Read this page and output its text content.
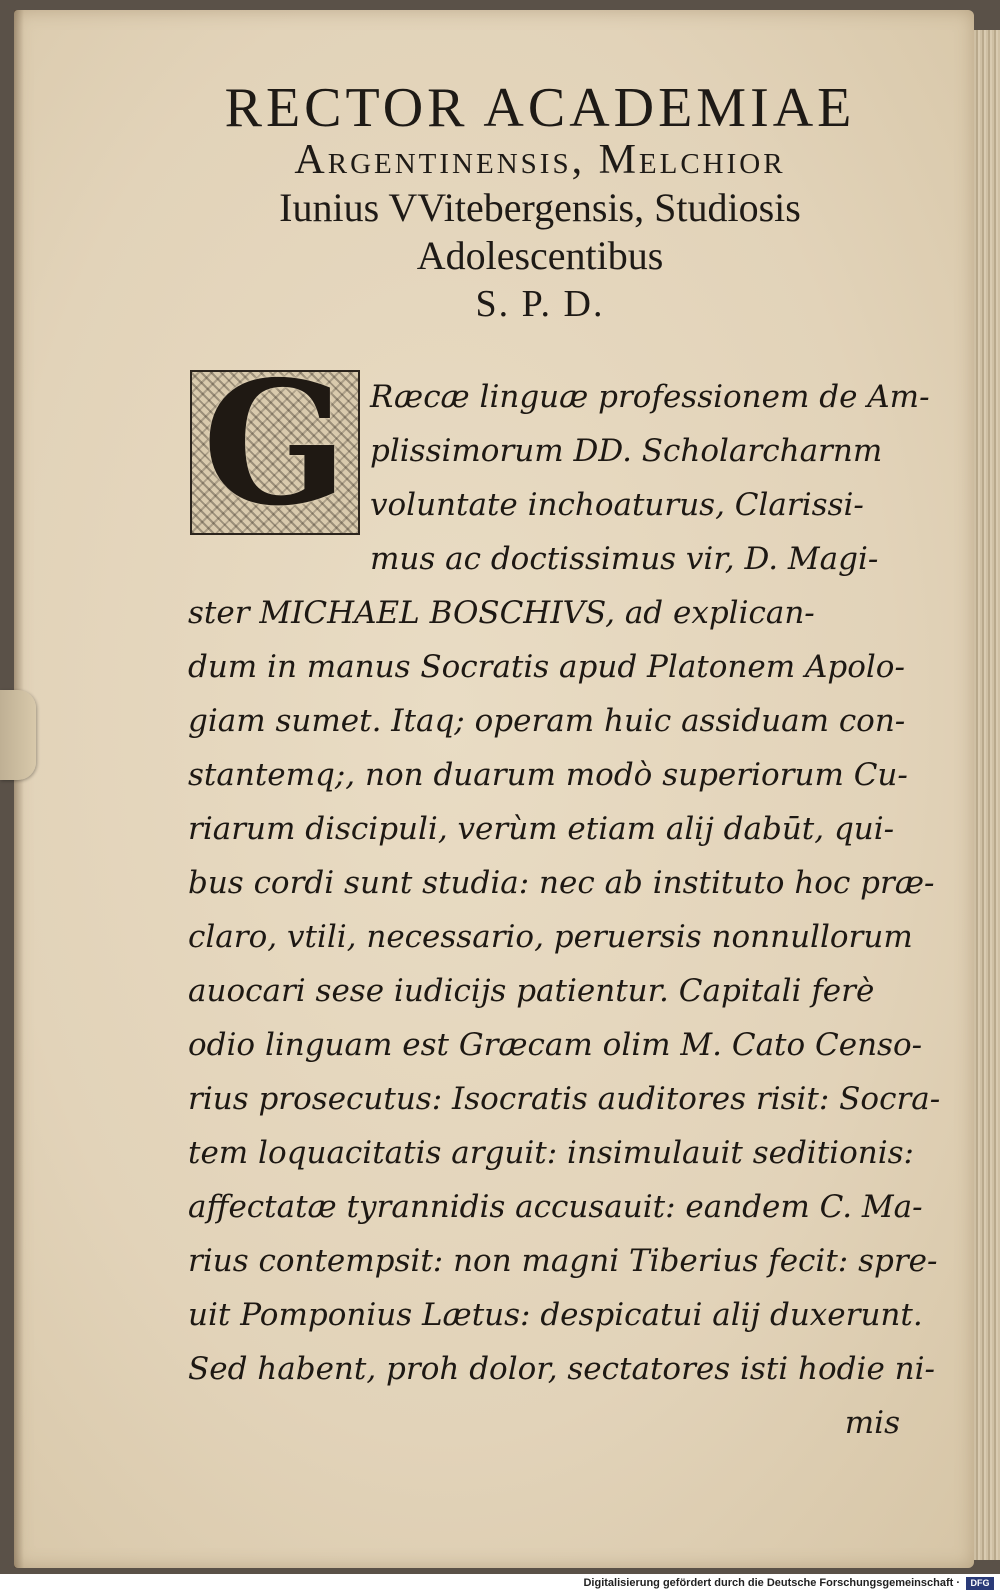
RECTOR ACADEMIAE
Argentinensis, Melchior
Iunius VVitebergensis, Studiosis
Adolescentibus
S. P. D.
G Ræcæ linguæ professionem de Am-
plissimorum DD. Scholarcharnm
voluntate inchoaturus, Clarissi-
mus ac doctissimus vir, D. Magi-
ster MICHAEL BOSCHIVS, ad explican-
dum in manus Socratis apud Platonem Apolo-
giam sumet. Itaq; operam huic assiduam con-
stantemq;, non duarum modò superiorum Cu-
riarum discipuli, verùm etiam alij dabūt, qui-
bus cordi sunt studia: nec ab instituto hoc præ-
claro, vtili, necessario, peruersis nonnullorum
auocari sese iudicijs patientur. Capitali ferè
odio linguam est Græcam olim M. Cato Censo-
rius prosecutus: Isocratis auditores risit: Socra-
tem loquacitatis arguit: insimulauit seditionis:
affectatæ tyrannidis accusauit: eandem C. Ma-
rius contempsit: non magni Tiberius fecit: spre-
uit Pomponius Lætus: despicatui alij duxerunt.
Sed habent, proh dolor, sectatores isti hodie ni-
mis
Digitalisierung gefördert durch die Deutsche Forschungsgemeinschaft ·	DFG
